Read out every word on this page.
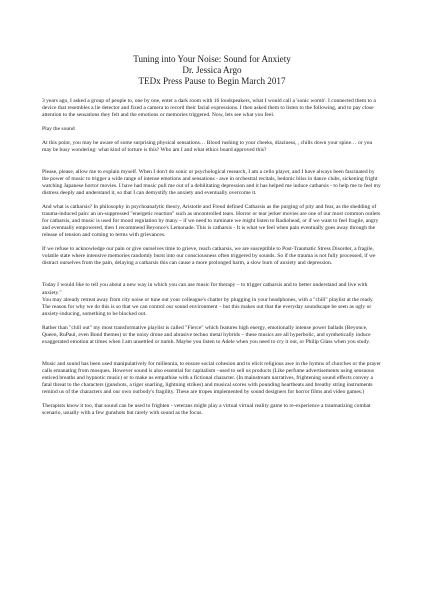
Tuning into Your Noise: Sound for Anxiety
Dr. Jessica Argo
TEDx Press Pause to Begin March 2017

3 years ago, I asked a group of people to, one by one, enter a dark room with 16 loudspeakers, what I would call a 'sonic womb'. I connected them to a device that resembles a lie detector and fixed a camera to record their facial expressions. I then asked them to listen to the following, and to pay close attention to the sensations they felt and the emotions or memories triggered. Now, lets see what you feel.

Play the sound

At this point, you may be aware of some surprising physical sensations… Blood rushing to your cheeks, dizziness, , chills down your spine… or you may be busy wondering: what kind of torture is this? Who am I and what ethics board approved this?

Please, please, allow me to explain myself. When I don't do sonic or psychological research, I am a cello player, and I have always been fascinated by the power of music to trigger a wide range of intense emotions and sensations - awe in orchestral recitals, hedonic bliss in dance clubs, sickening fright watching Japanese horror movies. I have had music pull me out of a debilitating depression and it has helped me induce catharsis - to help me to feel my distress deeply and understand it, so that I can demystify the anxiety and eventually overcome it.

And what is catharsis? In philosophy in psychoanalytic theory, Aristotle and Freud defined Catharsis as the purging of pity and fear, as the shedding of trauma-induced pain: an un-suppressed "energetic reaction" such as uncontrolled tears. Horror or tear jerker movies are one of our most common outlets for catharsis, and music is used for mood regulation by many – if we need to ruminate we might listen to Radiohead, or if we want to feel fragile, angry and eventually empowered, then I recommend Beyonce's Lemonade. This is catharsis - It is what we feel when pain eventually goes away through the release of tension and coming to terms with grievances.

If we refuse to acknowledge our pain or give ourselves time to grieve, reach catharsis, we are susceptible to Post-Traumatic Stress Disorder, a fragile, volatile state where intensive memories randomly burst into our consciousness often triggered by sounds. So if the trauma is not fully processed, if we distract ourselves from the pain, delaying a catharsis this can cause a more prolonged harm, a slow burn of anxiety and depression.

Today I would like to tell you about a new way in which you can use music for therapy – to trigger catharsis and to better understand and live with anxiety."

You may already retreat away from city noise or tune out your colleague's chatter by plugging in your headphones, with a "chill" playlist at the ready. The reason for why we do this is so that we can control our sound environment – but this makes out that the everyday soundscape be seen as ugly or anxiety-inducing, something to be blocked out.

Rather than "chill out" my most transformative playlist is called "Fierce" which features high energy, emotionally intense power ballads (Beyonce, Queen, RuPaul, even Bond themes) or the noisy drone and abrasive techno metal hybrids – these musics are all hyperbolic, and synthetically induce exaggerated emotion at times when I am unsettled or numb. Maybe you listen to Adele when you need to cry it out, or Philip Glass when you study.

Music and sound has been used manipulatively for millennia, to ensure social cohesion and to elicit religious awe in the hymns of churches or the prayer calls emanating from mosques. However sound is also essential for capitalism –used to sell us products (Like perfume advertisements using sensuous enticed breaths and hypnotic music) or to make us empathise with a fictional character. (In mainstream narratives, frightening sound effects convey a fatal threat to the characters (gunshots, a tiger snarling, lightning strikes) and musical scores with pounding heartbeats and breathy string instruments remind us of the characters and our own ourbody's fragility. These are tropes implemented by sound designers for horror films and video games.)

Therapists know it too, that sound can be used to frighten - veterans might play a virtual virtual reality game to re-experience a traumatizing combat scenario, usually with a few gunshots but rarely with sound as the focus.
